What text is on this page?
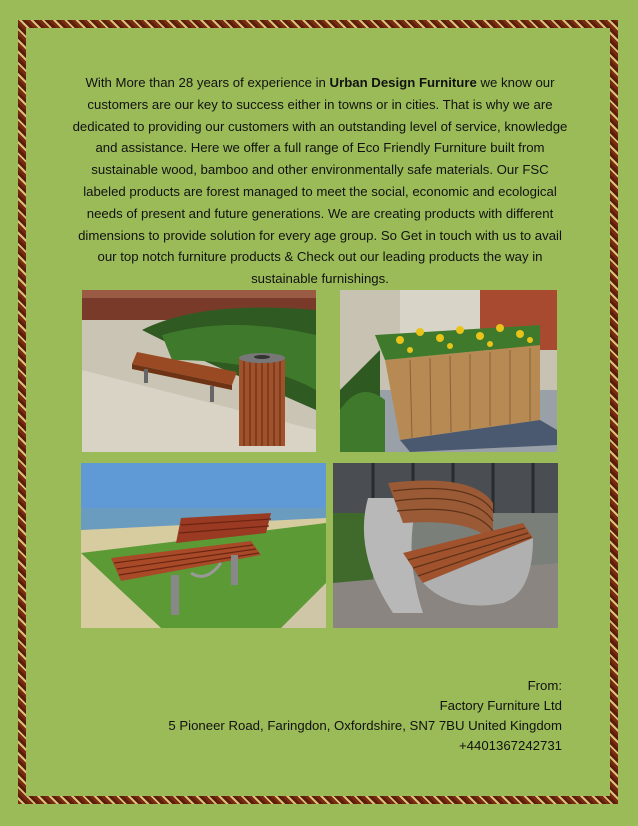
With More than 28 years of experience in Urban Design Furniture we know our customers are our key to success either in towns or in cities. That is why we are dedicated to providing our customers with an outstanding level of service, knowledge and assistance. Here we offer a full range of Eco Friendly Furniture built from sustainable wood, bamboo and other environmentally safe materials. Our FSC labeled products are forest managed to meet the social, economic and ecological needs of present and future generations. We are creating products with different dimensions to provide solution for every age group. So Get in touch with us to avail our top notch furniture products & Check out our leading products the way in sustainable furnishings.

From:
Factory Furniture Ltd
5 Pioneer Road, Faringdon, Oxfordshire, SN7 7BU United Kingdom
+4401367242731
